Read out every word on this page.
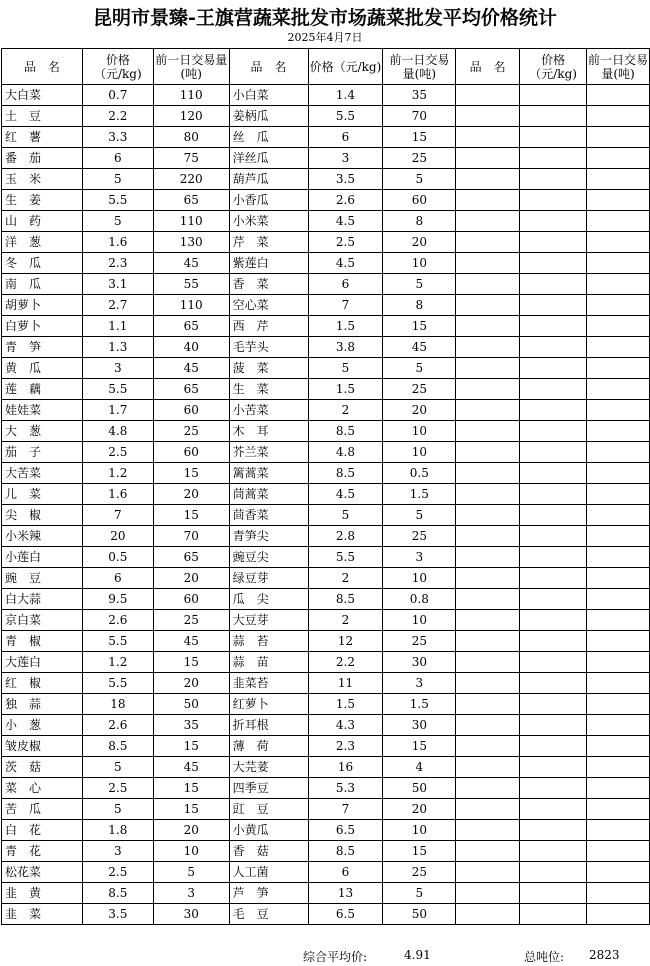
昆明市景臻-王旗营蔬菜批发市场蔬菜批发平均价格统计
2025年4月7日
品　名	价格（元/kg)	前一日交易量(吨)	品　名	价格（元/kg)	前一日交易量(吨)	品　名	价格（元/kg)	前一日交易量(吨)
大白菜	0.7	110	小白菜	1.4	35			
土　豆	2.2	120	姜柄瓜	5.5	70			
红　薯	3.3	80	丝　瓜	6	15			
番　茄	6	75	洋丝瓜	3	25			
玉　米	5	220	葫芦瓜	3.5	5			
生　姜	5.5	65	小香瓜	2.6	60			
山　药	5	110	小米菜	4.5	8			
洋　葱	1.6	130	芹　菜	2.5	20			
冬　瓜	2.3	45	紫莲白	4.5	10			
南　瓜	3.1	55	香　菜	6	5			
胡萝卜	2.7	110	空心菜	7	8			
白萝卜	1.1	65	西　芹	1.5	15			
青　笋	1.3	40	毛芋头	3.8	45			
黄　瓜	3	45	菠　菜	5	5			
莲　藕	5.5	65	生　菜	1.5	25			
娃娃菜	1.7	60	小苦菜	2	20			
大　葱	4.8	25	木　耳	8.5	10			
茄　子	2.5	60	芥兰菜	4.8	10			
大苦菜	1.2	15	篱蒿菜	8.5	0.5			
儿　菜	1.6	20	茼蒿菜	4.5	1.5			
尖　椒	7	15	茴香菜	5	5			
小米辣	20	70	青笋尖	2.8	25			
小莲白	0.5	65	豌豆尖	5.5	3			
豌　豆	6	20	绿豆芽	2	10			
白大蒜	9.5	60	瓜　尖	8.5	0.8			
京白菜	2.6	25	大豆芽	2	10			
青　椒	5.5	45	蒜　苔	12	25			
大莲白	1.2	15	蒜　苗	2.2	30			
红　椒	5.5	20	韭菜苔	11	3			
独　蒜	18	50	红萝卜	1.5	1.5			
小　葱	2.6	35	折耳根	4.3	30			
皱皮椒	8.5	15	薄　荷	2.3	15			
茨　菇	5	45	大芫荽	16	4			
菜　心	2.5	15	四季豆	5.3	50			
苦　瓜	5	15	豇　豆	7	20			
白　花	1.8	20	小黄瓜	6.5	10			
青　花	3	10	香　菇	8.5	15			
松花菜	2.5	5	人工菌	6	25			
韭　黄	8.5	3	芦　笋	13	5			
韭　菜	3.5	30	毛　豆	6.5	50			
综合平均价:	4.91	总吨位: 2823
